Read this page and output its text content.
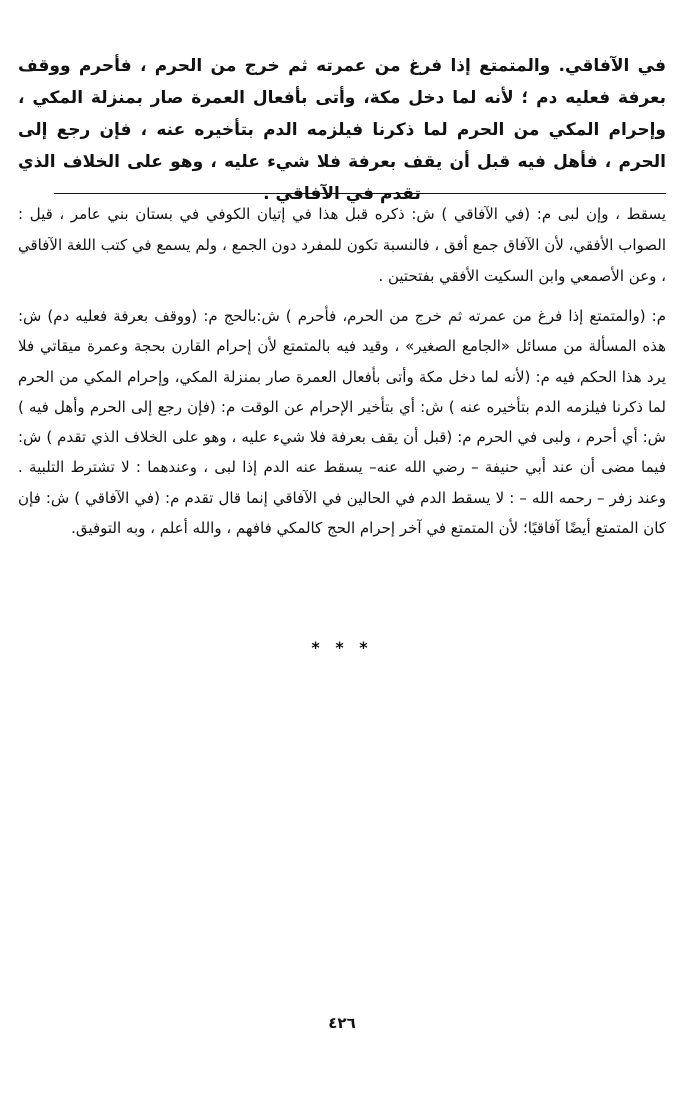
في الآفاقي. والمتمتع إذا فرغ من عمرته ثم خرج من الحرم ، فأحرم ووقف بعرفة فعليه دم ؛ لأنه لما دخل مكة، وأتى بأفعال العمرة صار بمنزلة المكي ، وإحرام المكي من الحرم لما ذكرنا فيلزمه الدم بتأخيره عنه ، فإن رجع إلى الحرم ، فأهل فيه قبل أن يقف بعرفة فلا شيء عليه ، وهو على الخلاف الذي تقدم في الآفاقي .

يسقط ، وإن لبى م: (في الآفاقي ) ش: ذكره قبل هذا في إتيان الكوفي في بستان بني عامر ، قيل : الصواب الأفقي، لأن الآفاق جمع أفق ، فالنسبة تكون للمفرد دون الجمع ، ولم يسمع في كتب اللغة الآفاقي ، وعن الأصمعي وابن السكيت الأفقي بفتحتين .

م: (والمتمتع إذا فرغ من عمرته ثم خرج من الحرم، فأحرم ) ش:بالحج م: (ووقف بعرفة فعليه دم) ش: هذه المسألة من مسائل «الجامع الصغير» ، وقيد فيه بالمتمتع لأن إحرام القارن بحجة وعمرة ميقاتي فلا يرد هذا الحكم فيه م: (لأنه لما دخل مكة وأتى بأفعال العمرة صار بمنزلة المكي، وإحرام المكي من الحرم لما ذكرنا فيلزمه الدم بتأخيره عنه ) ش: أي بتأخير الإحرام عن الوقت م: (فإن رجع إلى الحرم وأهل فيه ) ش: أي أحرم ، ولبى في الحرم م: (قبل أن يقف بعرفة فلا شيء عليه ، وهو على الخلاف الذي تقدم ) ش: فيما مضى أن عند أبي حنيفة – رضي الله عنه– يسقط عنه الدم إذا لبى ، وعندهما : لا تشترط التلبية . وعند زفر – رحمه الله – : لا يسقط الدم في الحالين في الآفاقي إنما قال تقدم م: (في الآفاقي ) ش: فإن كان المتمتع أيضًا آفاقيًا؛ لأن المتمتع في آخر إحرام الحج كالمكي فافهم ، والله أعلم ، وبه التوفيق.

* * *
٤٢٦
